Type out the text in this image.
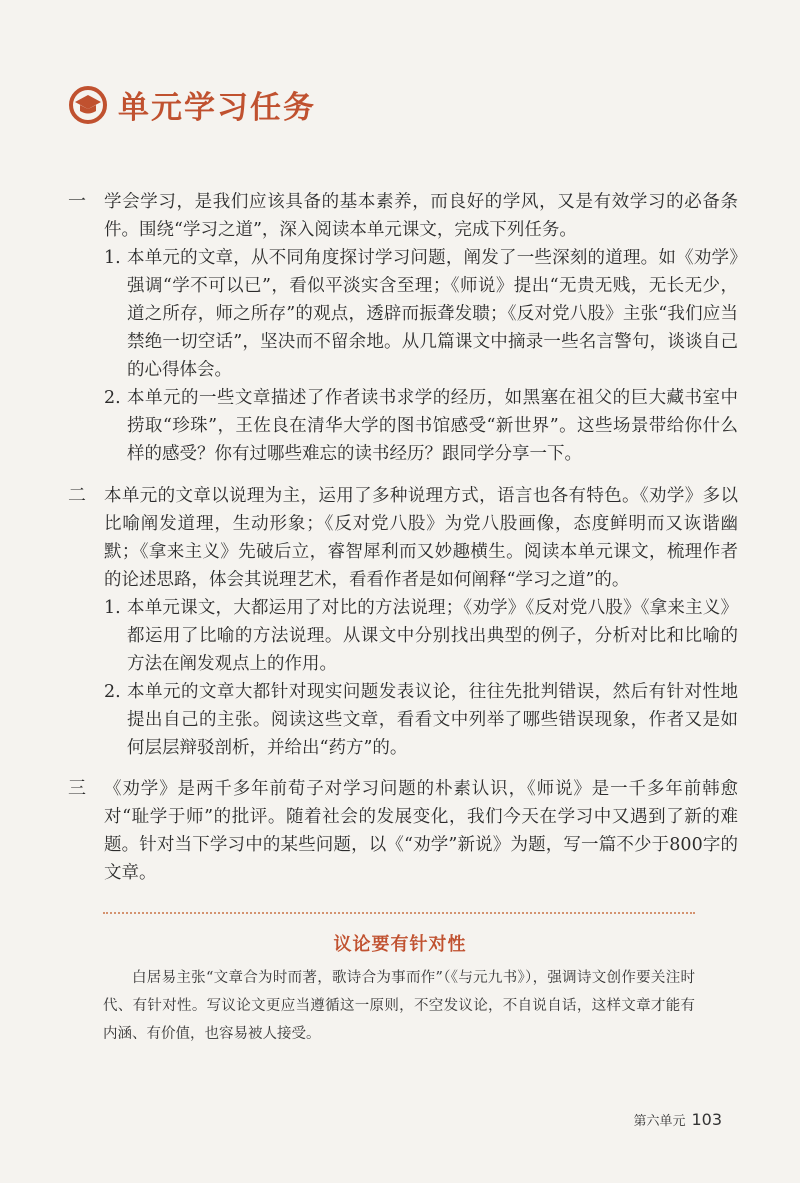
单元学习任务
一	学会学习，是我们应该具备的基本素养，而良好的学风，又是有效学习的必备条件。围绕“学习之道”，深入阅读本单元课文，完成下列任务。
1. 本单元的文章，从不同角度探讨学习问题，阐发了一些深刻的道理。如《劝学》强调“学不可以已”，看似平淡实含至理；《师说》提出“无贵无贱，无长无少，道之所存，师之所存”的观点，透辟而振聋发聩；《反对党八股》主张“我们应当禁绝一切空话”，坚决而不留余地。从几篇课文中摘录一些名言警句，谈谈自己的心得体会。
2. 本单元的一些文章描述了作者读书求学的经历，如黑塞在祖父的巨大藏书室中捞取“珍珠”，王佐良在清华大学的图书馆感受“新世界”。这些场景带给你什么样的感受？你有过哪些难忘的读书经历？跟同学分享一下。
二	本单元的文章以说理为主，运用了多种说理方式，语言也各有特色。《劝学》多以比喻阐发道理，生动形象；《反对党八股》为党八股画像，态度鲜明而又诙谐幽默；《拿来主义》先破后立，睿智犀利而又妙趣横生。阅读本单元课文，梳理作者的论述思路，体会其说理艺术，看看作者是如何阐释“学习之道”的。
1. 本单元课文，大都运用了对比的方法说理；《劝学》《反对党八股》《拿来主义》都运用了比喻的方法说理。从课文中分别找出典型的例子，分析对比和比喻的方法在阐发观点上的作用。
2. 本单元的文章大都针对现实问题发表议论，往往先批判错误，然后有针对性地提出自己的主张。阅读这些文章，看看文中列举了哪些错误现象，作者又是如何层层辩驳剖析，并给出“药方”的。
三	《劝学》是两千多年前荀子对学习问题的朴素认识，《师说》是一千多年前韩愈对“耻学于师”的批评。随着社会的发展变化，我们今天在学习中又遇到了新的难题。针对当下学习中的某些问题，以《“劝学”新说》为题，写一篇不少于800字的文章。
议论要有针对性
白居易主张“文章合为时而著，歌诗合为事而作”（《与元九书》），强调诗文创作要关注时代、有针对性。写议论文更应当遵循这一原则，不空发议论，不自说自话，这样文章才能有内涵、有价值，也容易被人接受。
第六单元 103
